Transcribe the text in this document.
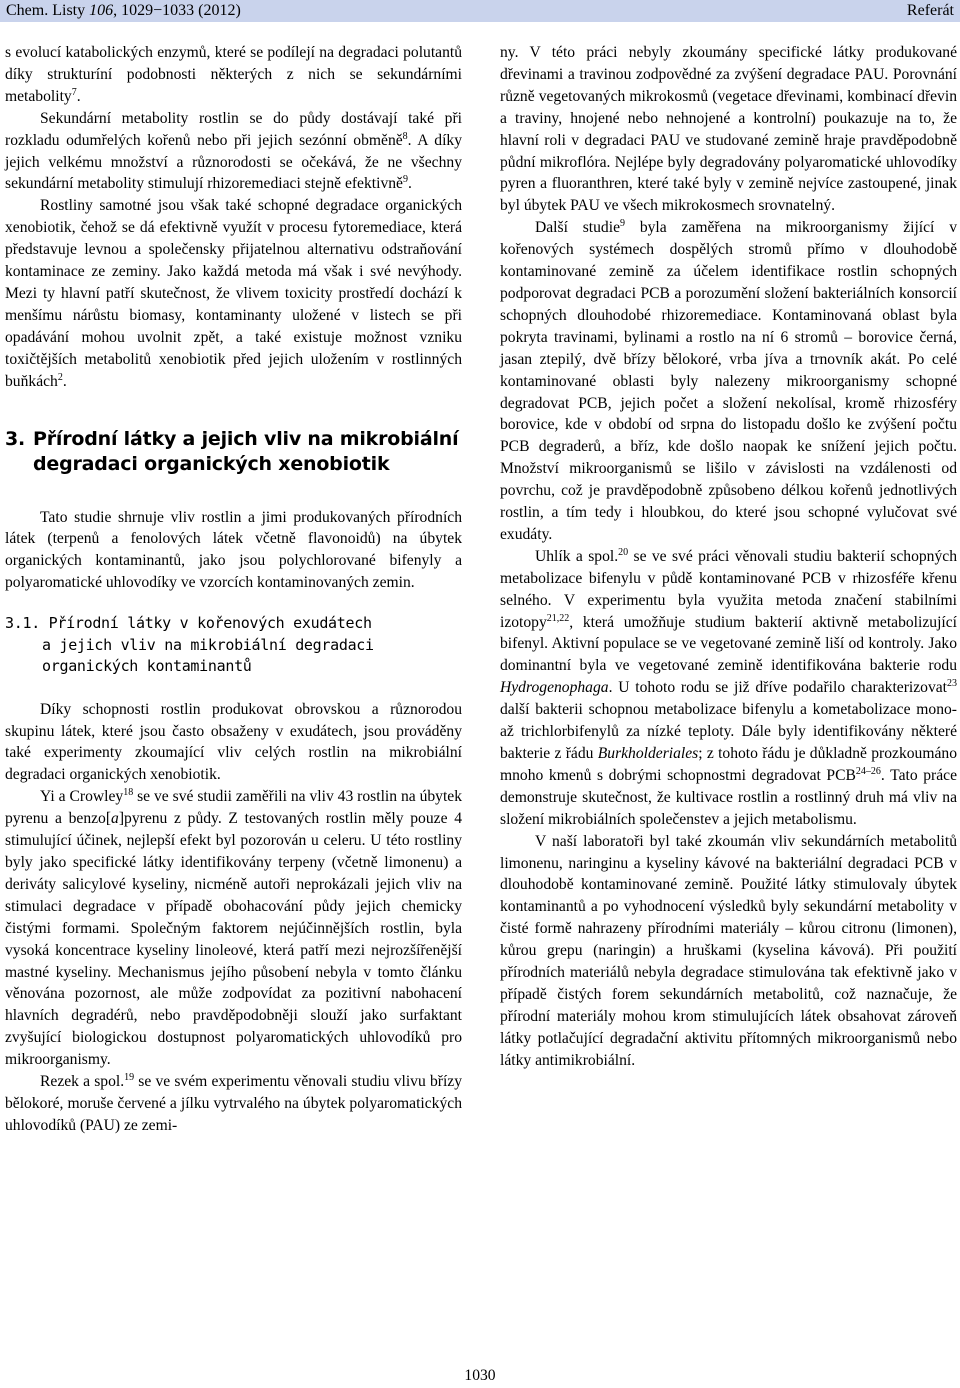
Chem. Listy 106, 1029−1033 (2012)	Referát

s evolucí katabolických enzymů, které se podílejí na degradaci polutantů díky strukturíní podobnosti některých z nich se sekundárními metabolity$^7$.

Sekundární metabolity rostlin se do půdy dostávají také při rozkladu odumřelých kořenů nebo při jejich sezónní obměně$^8$. A díky jejich velkému množství a různorodosti se očekává, že ne všechny sekundární metabolity stimulují rhizoremediaci stejně efektivně$^9$.

Rostliny samotné jsou však také schopné degradace organických xenobiotik, čehož se dá efektivně využít v procesu fytoremediace, která představuje levnou a společensky přijatelnou alternativu odstraňování kontaminace ze zeminy. Jako každá metoda má však i své nevýhody. Mezi ty hlavní patří skutečnost, že vlivem toxicity prostředí dochází k menšímu nárůstu biomasy, kontaminanty uložené v listech se při opadávání mohou uvolnit zpět, a také existuje možnost vzniku toxičtějších metabolitů xenobiotik před jejich uložením v rostlinných buňkách$^2$.

3. Přírodní látky a jejich vliv na mikrobiální
degradaci organických xenobiotik

Tato studie shrnuje vliv rostlin a jimi produkovaných přírodních látek (terpenů a fenolových látek včetně flavonoidů) na úbytek organických kontaminantů, jako jsou polychlorované bifenyly a polyaromatické uhlovodíky ve vzorcích kontaminovaných zemin.

3.1. Přírodní látky v kořenových exudátech
a jejich vliv na mikrobiální degradaci
organických kontaminantů

Díky schopnosti rostlin produkovat obrovskou a různorodou skupinu látek, které jsou často obsaženy v exudátech, jsou prováděny také experimenty zkoumající vliv celých rostlin na mikrobiální degradaci organických xenobiotik.

Yi a Crowley$^{18}$ se ve své studii zaměřili na vliv 43 rostlin na úbytek pyrenu a benzo[a]pyrenu z půdy. Z testovaných rostlin měly pouze 4 stimulující účinek, nejlepší efekt byl pozorován u celeru. U této rostliny byly jako specifické látky identifikovány terpeny (včetně limonenu) a deriváty salicylové kyseliny, nicméně autoři neprokázali jejich vliv na stimulaci degradace v případě obohacování půdy jejich chemicky čistými formami. Společným faktorem nejúčinnějších rostlin, byla vysoká koncentrace kyseliny linoleové, která patří mezi nejrozšířenější mastné kyseliny. Mechanismus jejího působení nebyla v tomto článku věnována pozornost, ale může zodpovídat za pozitivní nabohacení hlavních degradérů, nebo pravděpodobněji slouží jako surfaktant zvyšující biologickou dostupnost polyaromatických uhlovodíků pro mikroorganismy.

Rezek a spol.$^{19}$ se ve svém experimentu věnovali studiu vlivu břízy bělokoré, moruše červené a jílku vytrvalého na úbytek polyaromatických uhlovodíků (PAU) ze zemi-

ny. V této práci nebyly zkoumány specifické látky produkované dřevinami a travinou zodpovědné za zvýšení degradace PAU. Porovnání různě vegetovaných mikrokosmů (vegetace dřevinami, kombinací dřevin a traviny, hnojené nebo nehnojené a kontrolní) poukazuje na to, že hlavní roli v degradaci PAU ve studované zemině hraje pravděpodobně půdní mikroflóra. Nejlépe byly degradovány polyaromatické uhlovodíky pyren a fluoranthren, které také byly v zemině nejvíce zastoupené, jinak byl úbytek PAU ve všech mikrokosmech srovnatelný.

Další studie$^9$ byla zaměřena na mikroorganismy žijící v kořenových systémech dospělých stromů přímo v dlouhodobě kontaminované zemině za účelem identifikace rostlin schopných podporovat degradaci PCB a porozumění složení bakteriálních konsorcií schopných dlouhodobé rhizoremediace. Kontaminovaná oblast byla pokryta travinami, bylinami a rostlo na ní 6 stromů – borovice černá, jasan ztepilý, dvě břízy bělokoré, vrba jíva a trnovník akát. Po celé kontaminované oblasti byly nalezeny mikroorganismy schopné degradovat PCB, jejich počet a složení nekolísal, kromě rhizosféry borovice, kde v období od srpna do listopadu došlo ke zvýšení počtu PCB degraderů, a bříz, kde došlo naopak ke snížení jejich počtu. Množství mikroorganismů se lišilo v závislosti na vzdálenosti od povrchu, což je pravděpodobně způsobeno délkou kořenů jednotlivých rostlin, a tím tedy i hloubkou, do které jsou schopné vylučovat své exudáty.

Uhlík a spol.$^{20}$ se ve své práci věnovali studiu bakterií schopných metabolizace bifenylu v půdě kontaminované PCB v rhizosféře křenu selného. V experimentu byla využita metoda značení stabilními izotopy$^{21,22}$, která umožňuje studium bakterií aktivně metabolizující bifenyl. Aktivní populace se ve vegetované zemině liší od kontroly. Jako dominantní byla ve vegetované zemině identifikována bakterie rodu Hydrogenophaga. U tohoto rodu se již dříve podařilo charakterizovat$^{23}$ další bakterii schopnou metabolizace bifenylu a kometabolizace mono- až trichlorbifenylů za nízké teploty. Dále byly identifikovány některé bakterie z řádu Burkholderiales; z tohoto řádu je důkladně prozkoumáno mnoho kmenů s dobrými schopnostmi degradovat PCB$^{24-26}$. Tato práce demonstruje skutečnost, že kultivace rostlin a rostlinný druh má vliv na složení mikrobiálních společenstev a jejich metabolismu.

V naší laboratoři byl také zkoumán vliv sekundárních metabolitů limonenu, naringinu a kyseliny kávové na bakteriální degradaci PCB v dlouhodobě kontaminované zemině. Použité látky stimulovaly úbytek kontaminantů a po vyhodnocení výsledků byly sekundární metabolity v čisté formě nahrazeny přírodními materiály – kůrou citronu (limonen), kůrou grepu (naringin) a hruškami (kyselina kávová). Při použití přírodních materiálů nebyla degradace stimulována tak efektivně jako v případě čistých forem sekundárních metabolitů, což naznačuje, že přírodní materiály mohou krom stimulujících látek obsahovat zároveň látky potlačující degradační aktivitu přítomných mikroorganismů nebo látky antimikrobiální.

1030
